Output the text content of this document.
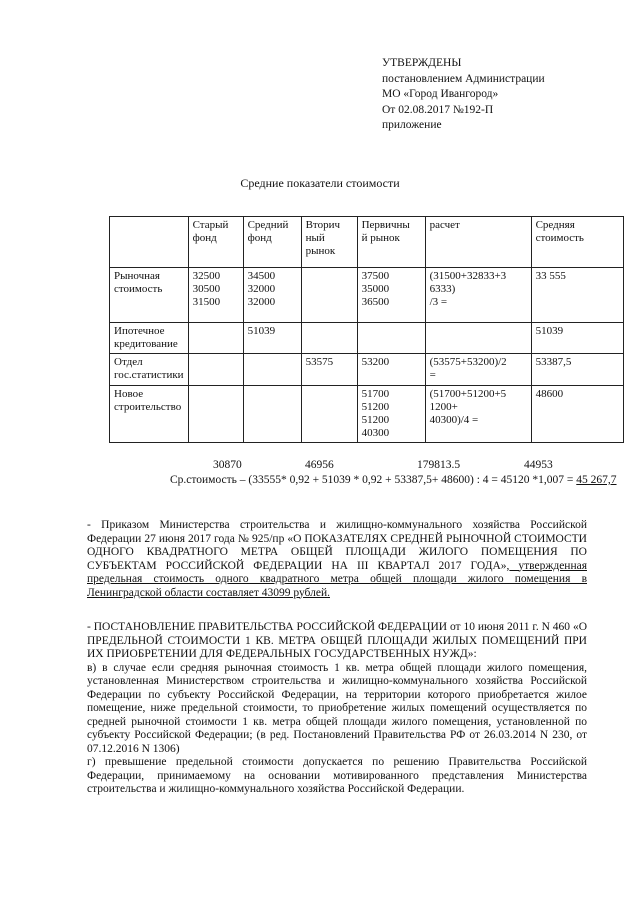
УТВЕРЖДЕНЫ
постановлением Администрации
МО «Город Ивангород»
От 02.08.2017 №192-П
приложение
Средние показатели стоимости
	Старый
фонд	Средний
фонд	Вторич
ный
рынок	Первичны
й рынок	расчет	Средняя
стоимость
Рыночная
стоимость	32500
30500
31500	34500
32000
32000		37500
35000
36500	(31500+32833+3
6333)
/3 =	33 555
Ипотечное
кредитование		51039				51039
Отдел
гос.статистики			53575	53200	(53575+53200)/2
=	53387,5
Новое
строительство				51700
51200
51200
40300	(51700+51200+5
1200+
40300)/4 =	48600
30870	46956	179813.5	44953
Ср.стоимость – (33555* 0,92 + 51039 * 0,92 + 53387,5+ 48600) : 4 = 45120 *1,007 = 45 267,7
- Приказом Министерства строительства и жилищно-коммунального хозяйства Российской Федерации 27 июня 2017 года № 925/пр «О ПОКАЗАТЕЛЯХ СРЕДНЕЙ РЫНОЧНОЙ СТОИМОСТИ ОДНОГО КВАДРАТНОГО МЕТРА ОБЩЕЙ ПЛОЩАДИ ЖИЛОГО ПОМЕЩЕНИЯ ПО СУБЪЕКТАМ РОССИЙСКОЙ ФЕДЕРАЦИИ НА III КВАРТАЛ 2017 ГОДА», утвержденная предельная стоимость одного квадратного метра общей площади жилого помещения в Ленинградской области составляет 43099 рублей.
- ПОСТАНОВЛЕНИЕ ПРАВИТЕЛЬСТВА РОССИЙСКОЙ ФЕДЕРАЦИИ от 10 июня 2011 г. N 460 «О ПРЕДЕЛЬНОЙ СТОИМОСТИ 1 КВ. МЕТРА ОБЩЕЙ ПЛОЩАДИ ЖИЛЫХ ПОМЕЩЕНИЙ ПРИ ИХ ПРИОБРЕТЕНИИ ДЛЯ ФЕДЕРАЛЬНЫХ ГОСУДАРСТВЕННЫХ НУЖД»:
в) в случае если средняя рыночная стоимость 1 кв. метра общей площади жилого помещения, установленная Министерством строительства и жилищно-коммунального хозяйства Российской Федерации по субъекту Российской Федерации, на территории которого приобретается жилое помещение, ниже предельной стоимости, то приобретение жилых помещений осуществляется по средней рыночной стоимости 1 кв. метра общей площади жилого помещения, установленной по субъекту Российской Федерации; (в ред. Постановлений Правительства РФ от 26.03.2014 N 230, от 07.12.2016 N 1306)
г) превышение предельной стоимости допускается по решению Правительства Российской Федерации, принимаемому на основании мотивированного представления Министерства строительства и жилищно-коммунального хозяйства Российской Федерации.
